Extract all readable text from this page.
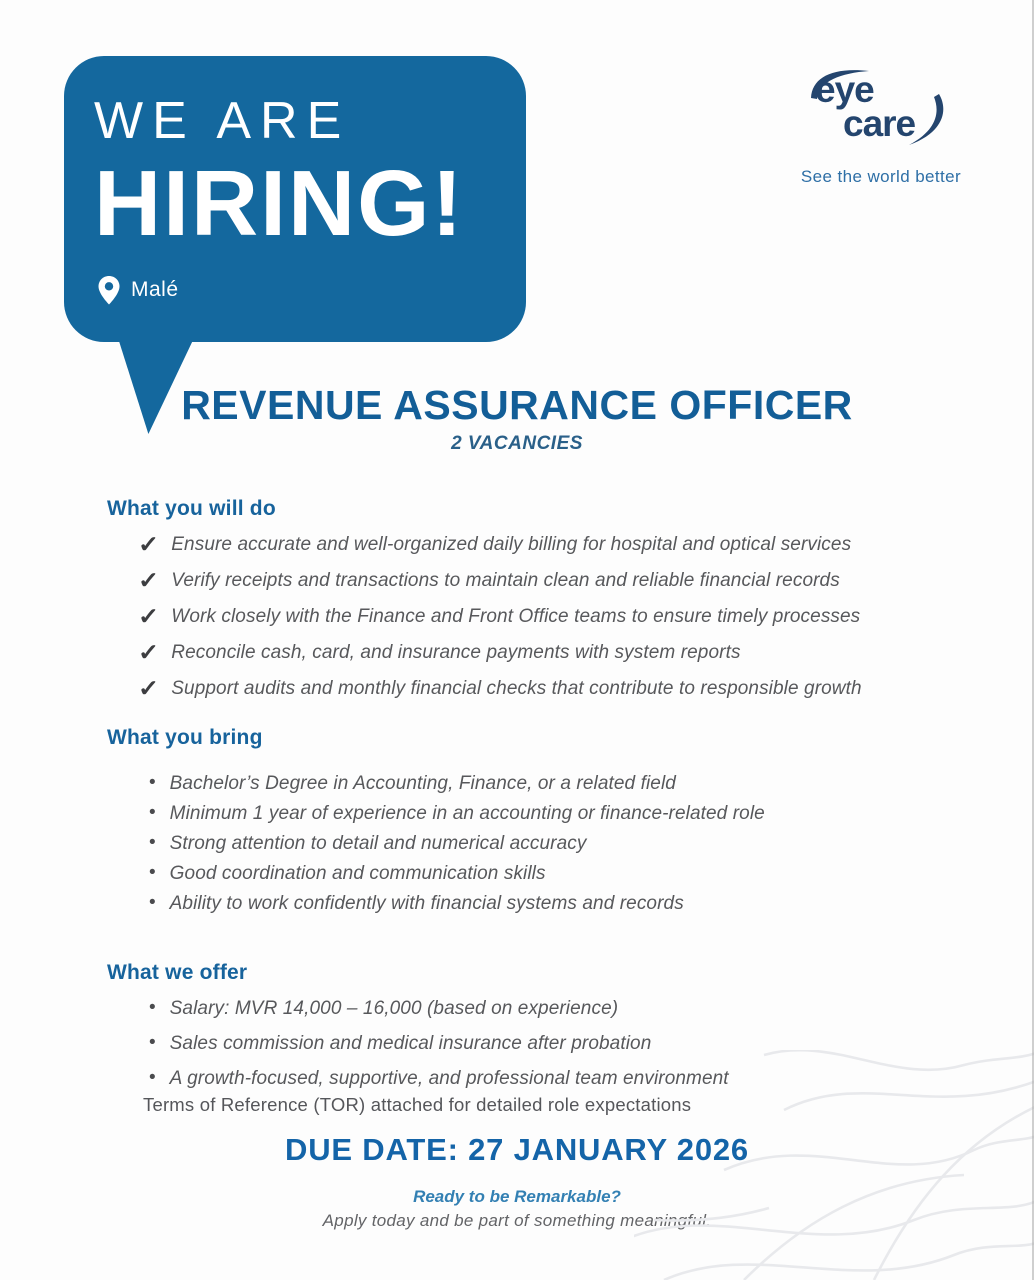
WE ARE
HIRING!
Malé
eye
care
See the world better
REVENUE ASSURANCE OFFICER
2 VACANCIES
What you will do
✓ Ensure accurate and well-organized daily billing for hospital and optical services
✓ Verify receipts and transactions to maintain clean and reliable financial records
✓ Work closely with the Finance and Front Office teams to ensure timely processes
✓ Reconcile cash, card, and insurance payments with system reports
✓ Support audits and monthly financial checks that contribute to responsible growth
What you bring
• Bachelor’s Degree in Accounting, Finance, or a related field
• Minimum 1 year of experience in an accounting or finance-related role
• Strong attention to detail and numerical accuracy
• Good coordination and communication skills
• Ability to work confidently with financial systems and records
What we offer
• Salary: MVR 14,000 – 16,000 (based on experience)
• Sales commission and medical insurance after probation
• A growth-focused, supportive, and professional team environment
Terms of Reference (TOR) attached for detailed role expectations
DUE DATE: 27 JANUARY 2026
Ready to be Remarkable?
Apply today and be part of something meaningful.
